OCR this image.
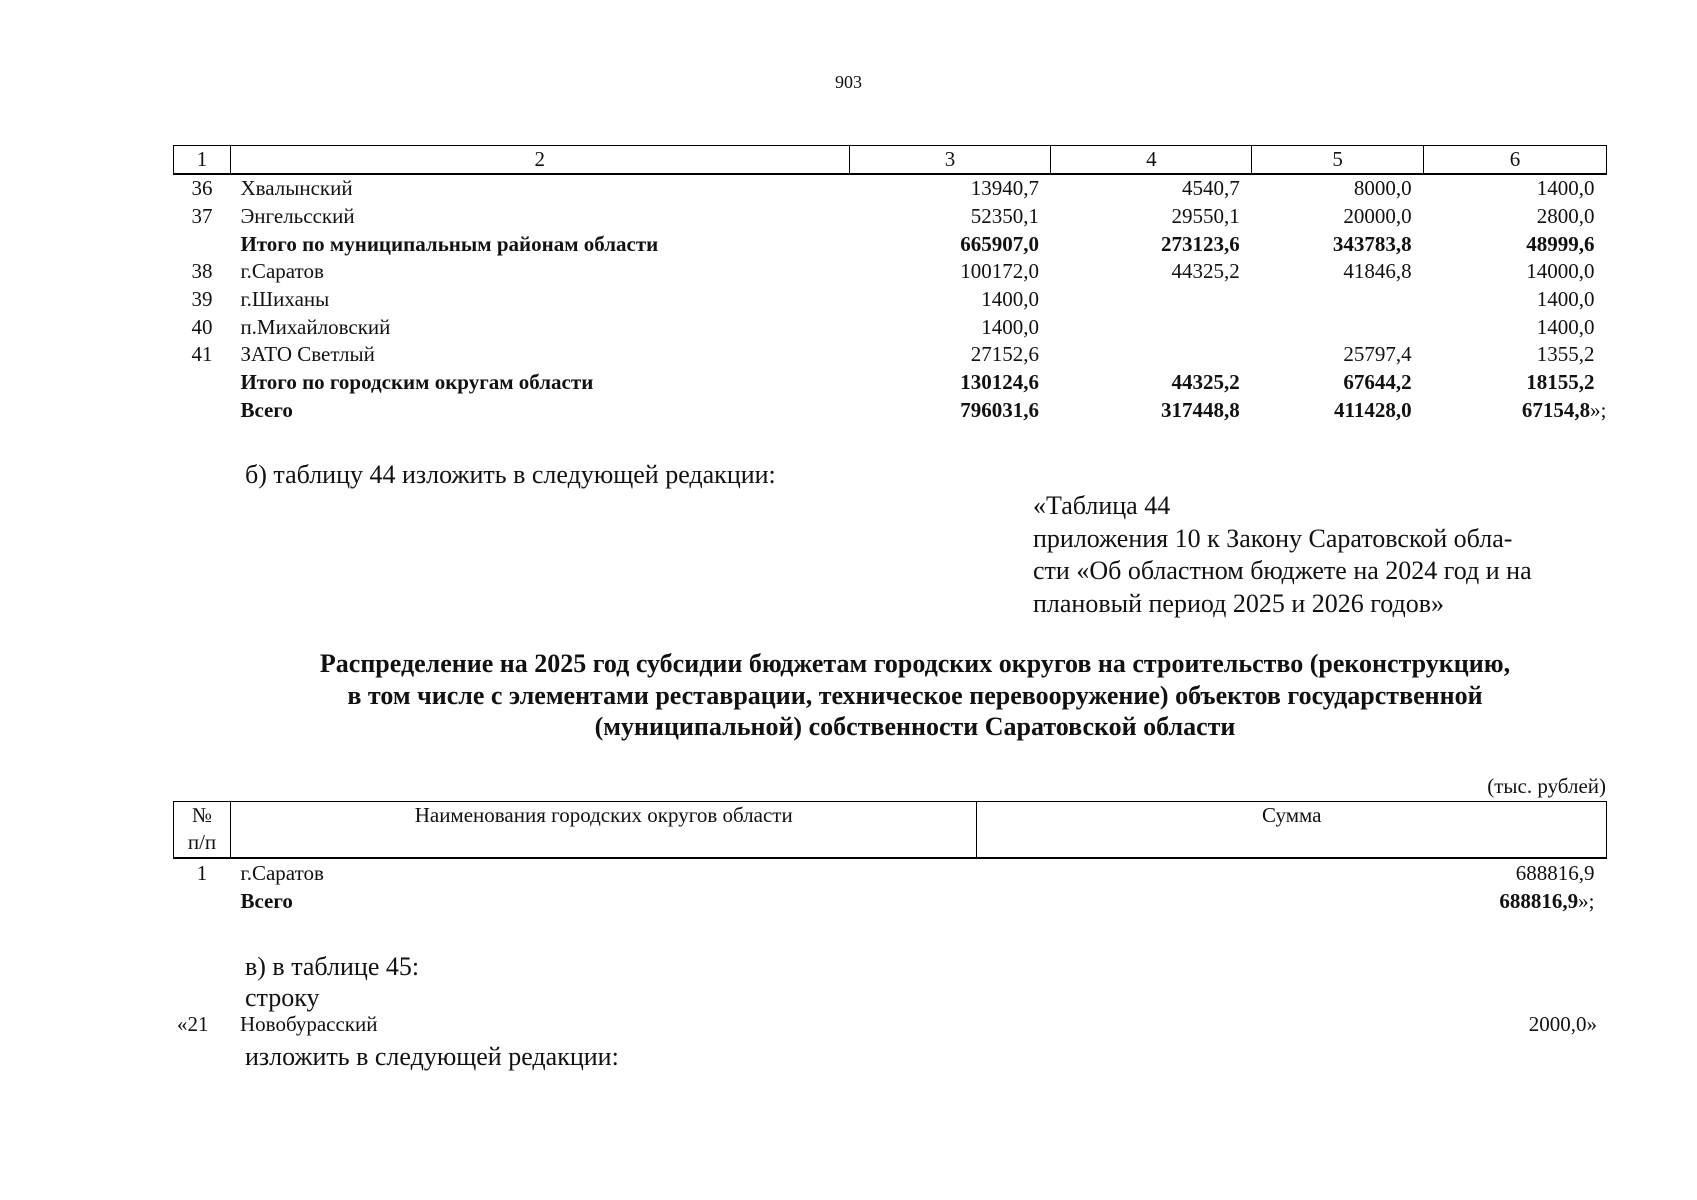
903
1	2	3	4	5	6
36	Хвалынский	13940,7	4540,7	8000,0	1400,0
37	Энгельсский	52350,1	29550,1	20000,0	2800,0
	Итого по муниципальным районам области	665907,0	273123,6	343783,8	48999,6
38	г.Саратов	100172,0	44325,2	41846,8	14000,0
39	г.Шиханы	1400,0			1400,0
40	п.Михайловский	1400,0			1400,0
41	ЗАТО Светлый	27152,6		25797,4	1355,2
	Итого по городским округам области	130124,6	44325,2	67644,2	18155,2
	Всего	796031,6	317448,8	411428,0	67154,8»;
б) таблицу 44 изложить в следующей редакции:
«Таблица 44
приложения 10 к Закону Саратовской обла-
сти «Об областном бюджете на 2024 год и на
плановый период 2025 и 2026 годов»
Распределение на 2025 год субсидии бюджетам городских округов на строительство (реконструкцию,
в том числе с элементами реставрации, техническое перевооружение) объектов государственной
(муниципальной) собственности Саратовской области
(тыс. рублей)
№
п/п	Наименования городских округов области	Сумма
1	г.Саратов	688816,9
	Всего	688816,9»;
в) в таблице 45:
строку
«21 Новобурасский	2000,0»
изложить в следующей редакции:
